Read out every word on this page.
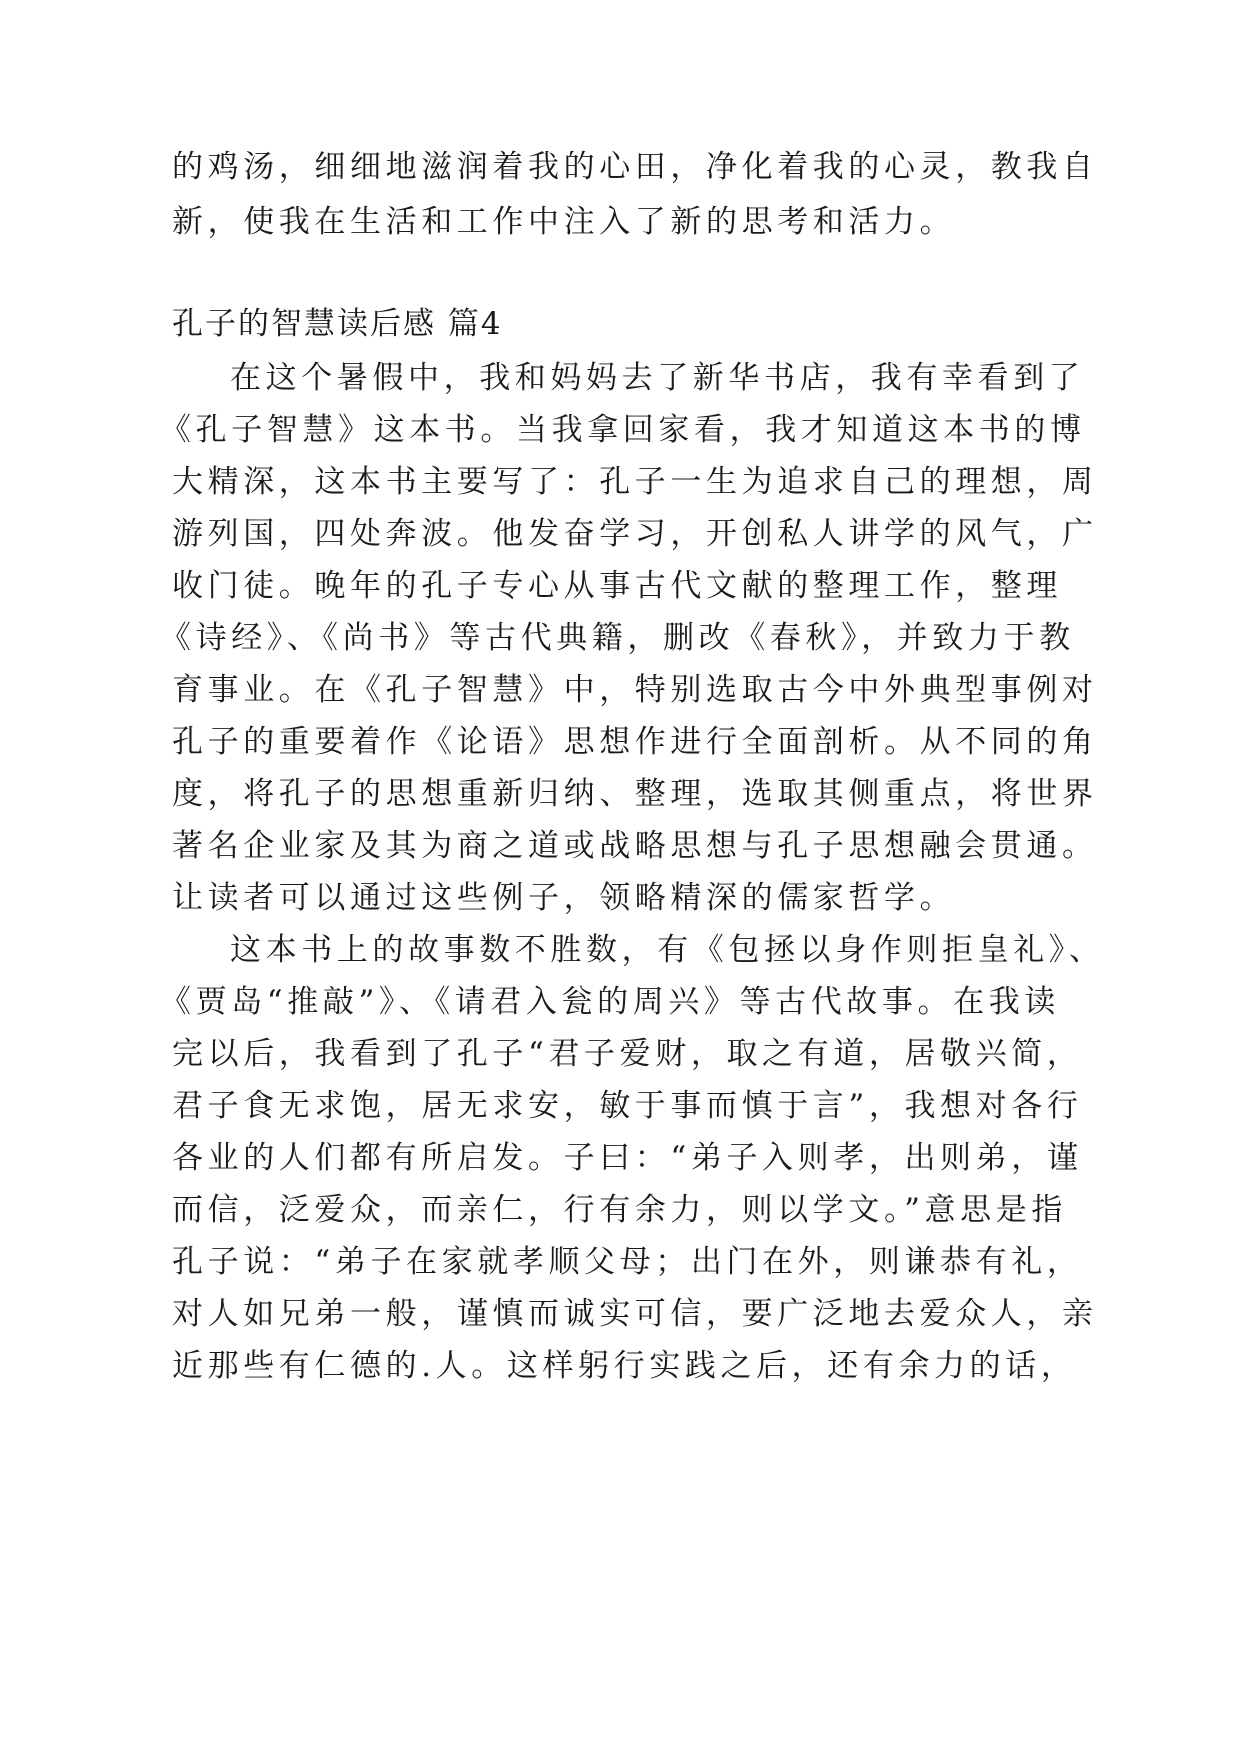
的鸡汤，细细地滋润着我的心田，净化着我的心灵，教我自
新，使我在生活和工作中注入了新的思考和活力。
孔子的智慧读后感 篇4
在这个暑假中，我和妈妈去了新华书店，我有幸看到了
《孔子智慧》这本书。当我拿回家看，我才知道这本书的博
大精深，这本书主要写了：孔子一生为追求自己的理想，周
游列国，四处奔波。他发奋学习，开创私人讲学的风气，广
收门徒。晚年的孔子专心从事古代文献的整理工作，整理
《诗经》、《尚书》等古代典籍，删改《春秋》，并致力于教
育事业。在《孔子智慧》中，特别选取古今中外典型事例对
孔子的重要着作《论语》思想作进行全面剖析。从不同的角
度，将孔子的思想重新归纳、整理，选取其侧重点，将世界
著名企业家及其为商之道或战略思想与孔子思想融会贯通。
让读者可以通过这些例子，领略精深的儒家哲学。
这本书上的故事数不胜数，有《包拯以身作则拒皇礼》、
《贾岛“推敲”》、《请君入瓮的周兴》等古代故事。在我读
完以后，我看到了孔子“君子爱财，取之有道，居敬兴简，
君子食无求饱，居无求安，敏于事而慎于言”，我想对各行
各业的人们都有所启发。子曰：“弟子入则孝，出则弟，谨
而信，泛爱众，而亲仁，行有余力，则以学文。”意思是指
孔子说：“弟子在家就孝顺父母；出门在外，则谦恭有礼，
对人如兄弟一般，谨慎而诚实可信，要广泛地去爱众人，亲
近那些有仁德的.人。这样躬行实践之后，还有余力的话，
